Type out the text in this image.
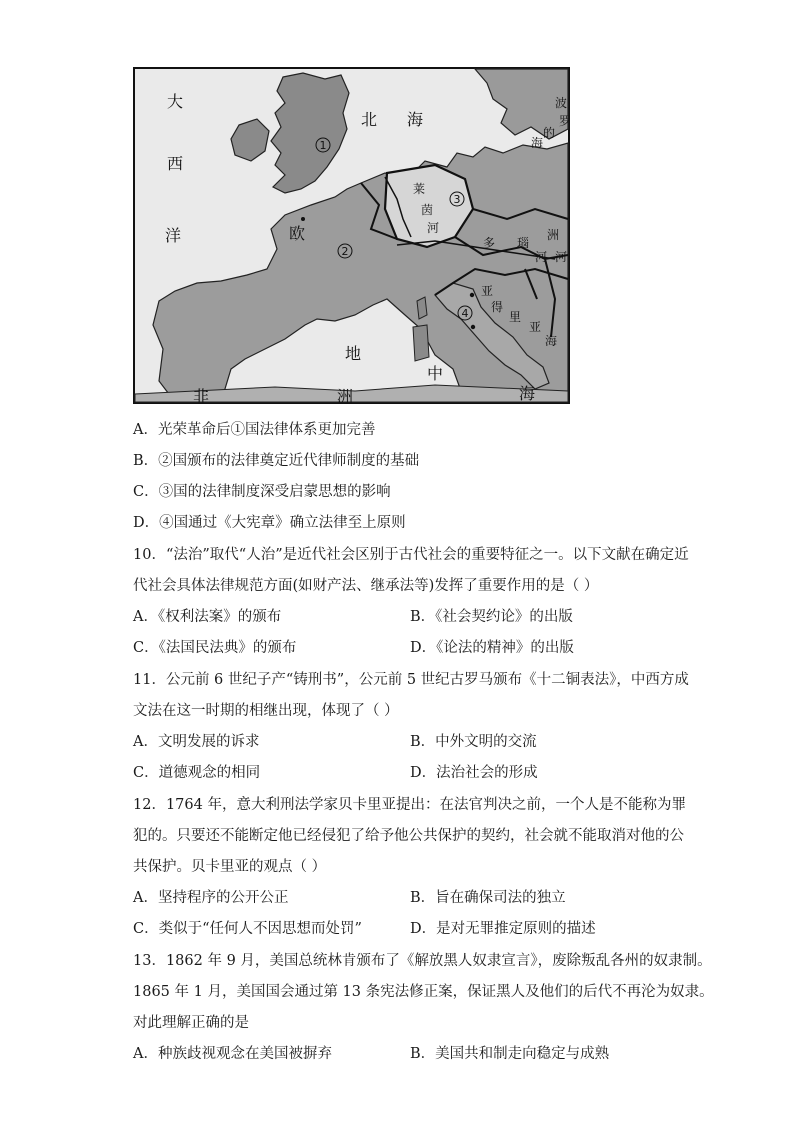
大
西
洋
北 海
波
罗
的
海
莱
茵
河
欧	多 瑙
河
洲
河
亚
得
里
亚
海
地
中
海
非	洲
1
2
3
4
A．光荣革命后①国法律体系更加完善
B．②国颁布的法律奠定近代律师制度的基础
C．③国的法律制度深受启蒙思想的影响
D．④国通过《大宪章》确立法律至上原则
10．“法治”取代“人治”是近代社会区别于古代社会的重要特征之一。以下文献在确定近
代社会具体法律规范方面(如财产法、继承法等)发挥了重要作用的是（ ）
A．《权利法案》的颁布	B．《社会契约论》的出版
C．《法国民法典》的颁布	D．《论法的精神》的出版
11．公元前 6 世纪子产“铸刑书”，公元前 5 世纪古罗马颁布《十二铜表法》，中西方成
文法在这一时期的相继出现，体现了（ ）
A．文明发展的诉求	B．中外文明的交流
C．道德观念的相同	D．法治社会的形成
12．1764 年，意大利刑法学家贝卡里亚提出：在法官判决之前，一个人是不能称为罪
犯的。只要还不能断定他已经侵犯了给予他公共保护的契约，社会就不能取消对他的公
共保护。贝卡里亚的观点（ ）
A．坚持程序的公开公正	B．旨在确保司法的独立
C．类似于“任何人不因思想而处罚”	D．是对无罪推定原则的描述
13．1862 年 9 月，美国总统林肯颁布了《解放黑人奴隶宣言》，废除叛乱各州的奴隶制。
1865 年 1 月，美国国会通过第 13 条宪法修正案，保证黑人及他们的后代不再沦为奴隶。
对此理解正确的是
A．种族歧视观念在美国被摒弃	B．美国共和制走向稳定与成熟
